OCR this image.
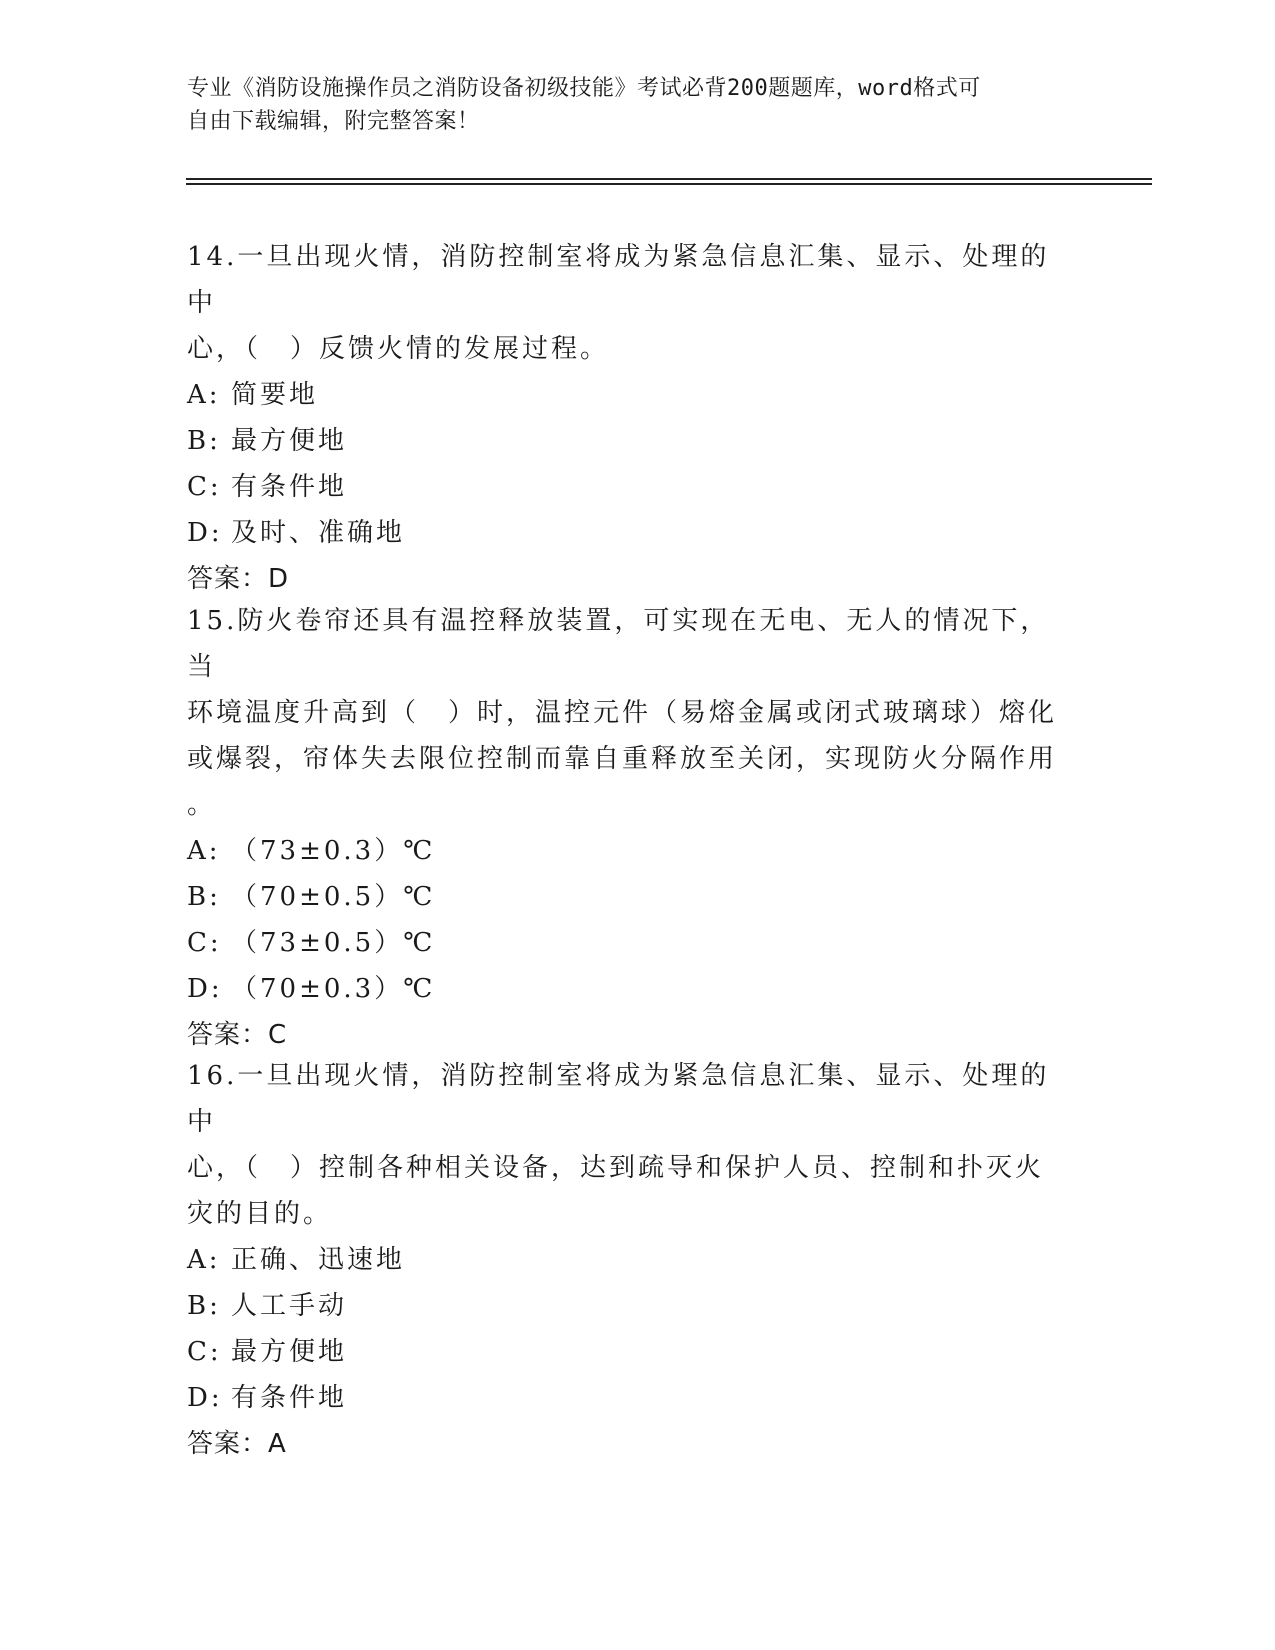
专业《消防设施操作员之消防设备初级技能》考试必背200题题库，word格式可
自由下载编辑，附完整答案！

14.一旦出现火情，消防控制室将成为紧急信息汇集、显示、处理的中

心，（　）反馈火情的发展过程。

A: 简要地

B: 最方便地

C: 有条件地

D: 及时、准确地

答案：D

15.防火卷帘还具有温控释放装置，可实现在无电、无人的情况下，当

环境温度升高到（　）时，温控元件（易熔金属或闭式玻璃球）熔化

或爆裂，帘体失去限位控制而靠自重释放至关闭，实现防火分隔作用

。

A: （73±0.3）℃

B: （70±0.5）℃

C: （73±0.5）℃

D: （70±0.3）℃

答案：C

16.一旦出现火情，消防控制室将成为紧急信息汇集、显示、处理的中

心，（　）控制各种相关设备，达到疏导和保护人员、控制和扑灭火

灾的目的。

A: 正确、迅速地

B: 人工手动

C: 最方便地

D: 有条件地

答案：A
